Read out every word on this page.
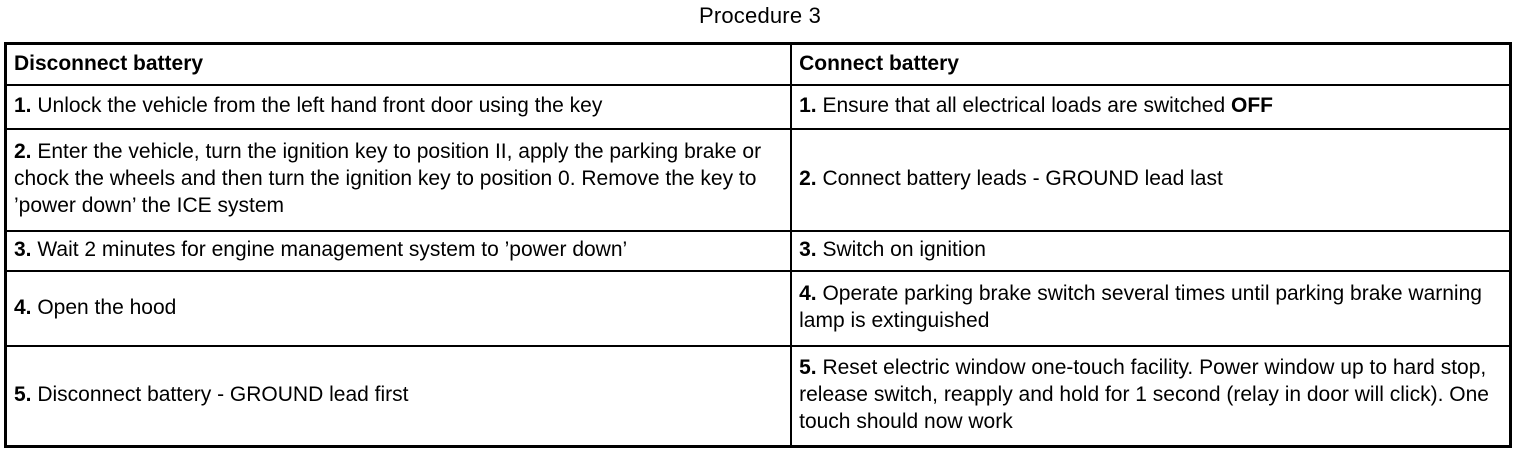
Procedure 3
Disconnect battery	Connect battery
1. Unlock the vehicle from the left hand front door using the key	1. Ensure that all electrical loads are switched OFF
2. Enter the vehicle, turn the ignition key to position II, apply the parking brake or chock the wheels and then turn the ignition key to position 0. Remove the key to ’power down’ the ICE system	2. Connect battery leads - GROUND lead last
3. Wait 2 minutes for engine management system to ’power down’	3. Switch on ignition
4. Open the hood	4. Operate parking brake switch several times until parking brake warning lamp is extinguished
5. Disconnect battery - GROUND lead first	5. Reset electric window one-touch facility. Power window up to hard stop, release switch, reapply and hold for 1 second (relay in door will click). One touch should now work
